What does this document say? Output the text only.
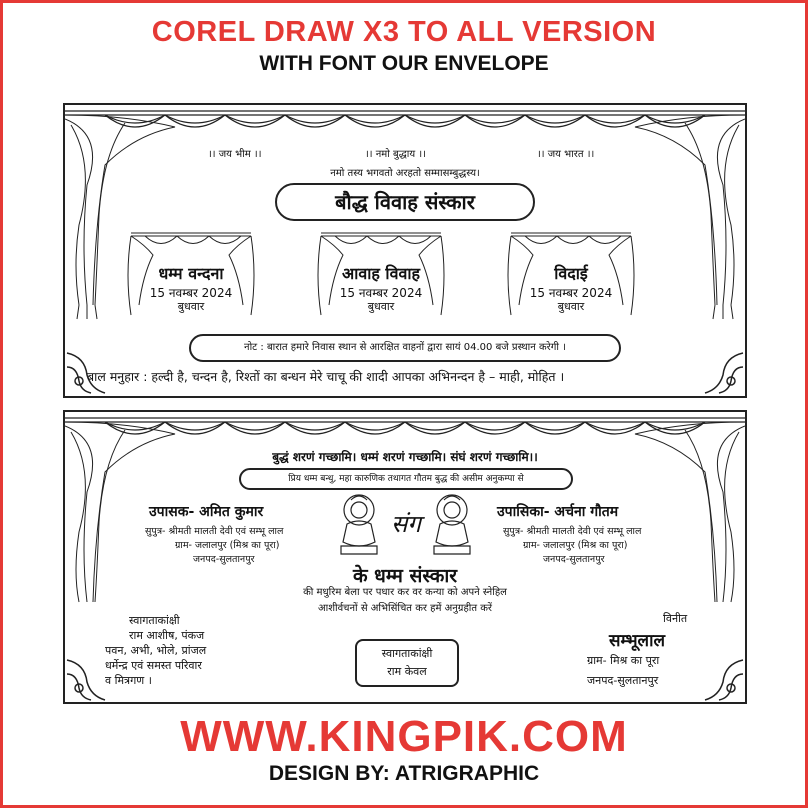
COREL DRAW X3 TO ALL VERSION
WITH FONT OUR ENVELOPE
।। जय भीम ।।	।। नमो बुद्धाय ।।	।। जय भारत ।।
नमो तस्य भगवतो अरहतो सम्मासम्बुद्धस्य।
बौद्ध विवाह संस्कार
धम्म वन्दना
15 नवम्बर 2024
बुधवार
आवाह विवाह
15 नवम्बर 2024
बुधवार
विदाई
15 नवम्बर 2024
बुधवार
नोट : बारात हमारे निवास स्थान से आरक्षित वाहनों द्वारा सायं 04.00 बजे प्रस्थान करेगी ।
बाल मनुहार : हल्दी है, चन्दन है, रिश्तों का बन्धन मेरे चाचू की शादी आपका अभिनन्दन है – माही, मोहित ।
बुद्धं शरणं गच्छामि। धम्मं शरणं गच्छामि। संघं शरणं गच्छामि।।
प्रिय धम्म बन्धु, महा कारुणिक तथागत गौतम बुद्ध की असीम अनुकम्पा से
उपासक- अमित कुमार
सुपुत्र- श्रीमती मालती देवी एवं सम्भू लाल
ग्राम- जलालपुर (मिश्र का पूरा)
जनपद-सुलतानपुर
संग	उपासिका- अर्चना गौतम
सुपुत्र- श्रीमती मालती देवी एवं सम्भू लाल
ग्राम- जलालपुर (मिश्र का पूरा)
जनपद-सुलतानपुर
के धम्म संस्कार
की मधुरिम बेला पर पधार कर वर कन्या को अपने स्नेहिल
आशीर्वचनों से अभिसिंचित कर हमें अनुग्रहीत करें
स्वागताकांक्षी
राम आशीष, पंकज
पवन, अभी, भोले, प्रांजल
धर्मेन्द्र एवं समस्त परिवार
व मित्रगण ।
स्वागताकांक्षी
राम केवल
विनीत
सम्भूलाल
ग्राम- मिश्र का पूरा
जनपद-सुलतानपुर
WWW.KINGPIK.COM
DESIGN BY: ATRIGRAPHIC
